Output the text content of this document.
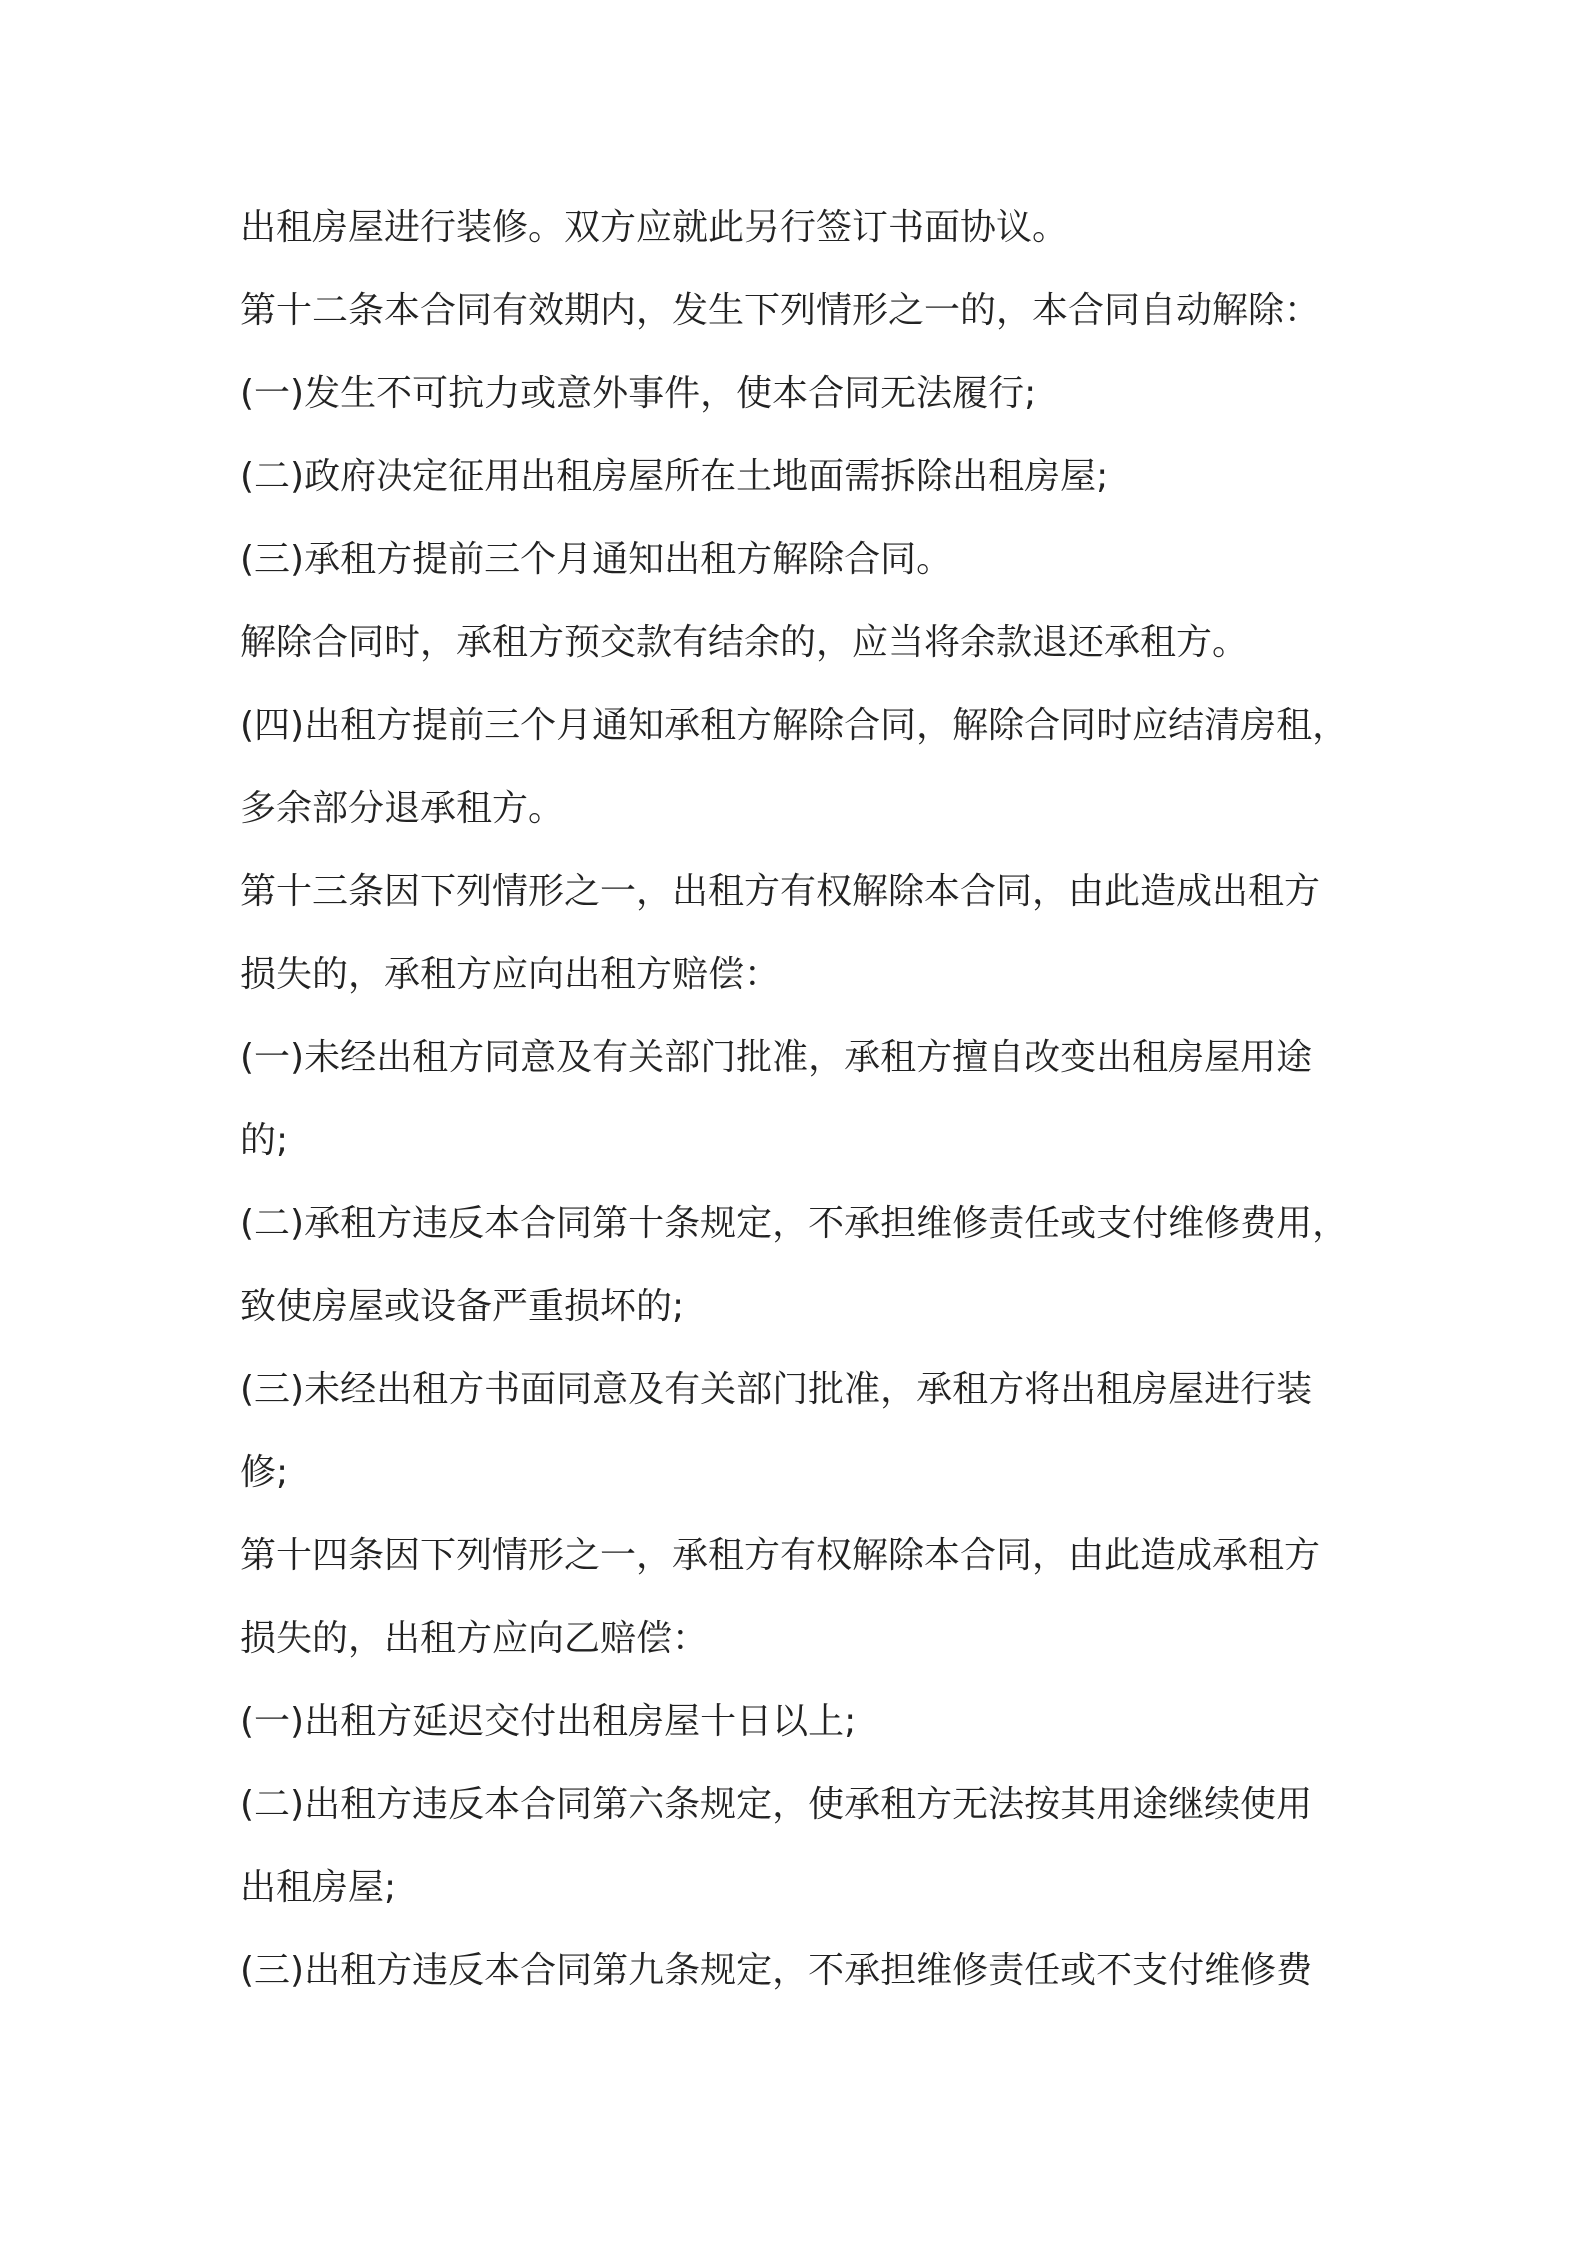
出租房屋进行装修。双方应就此另行签订书面协议。

第十二条本合同有效期内，发生下列情形之一的，本合同自动解除：

(一)发生不可抗力或意外事件，使本合同无法履行;

(二)政府决定征用出租房屋所在土地面需拆除出租房屋;

(三)承租方提前三个月通知出租方解除合同。

解除合同时，承租方预交款有结余的，应当将余款退还承租方。

(四)出租方提前三个月通知承租方解除合同，解除合同时应结清房租，

多余部分退承租方。

第十三条因下列情形之一，出租方有权解除本合同，由此造成出租方

损失的，承租方应向出租方赔偿：

(一)未经出租方同意及有关部门批准，承租方擅自改变出租房屋用途

的;

(二)承租方违反本合同第十条规定，不承担维修责任或支付维修费用，

致使房屋或设备严重损坏的;

(三)未经出租方书面同意及有关部门批准，承租方将出租房屋进行装

修;

第十四条因下列情形之一，承租方有权解除本合同，由此造成承租方

损失的，出租方应向乙赔偿：

(一)出租方延迟交付出租房屋十日以上;

(二)出租方违反本合同第六条规定，使承租方无法按其用途继续使用

出租房屋;

(三)出租方违反本合同第九条规定，不承担维修责任或不支付维修费
